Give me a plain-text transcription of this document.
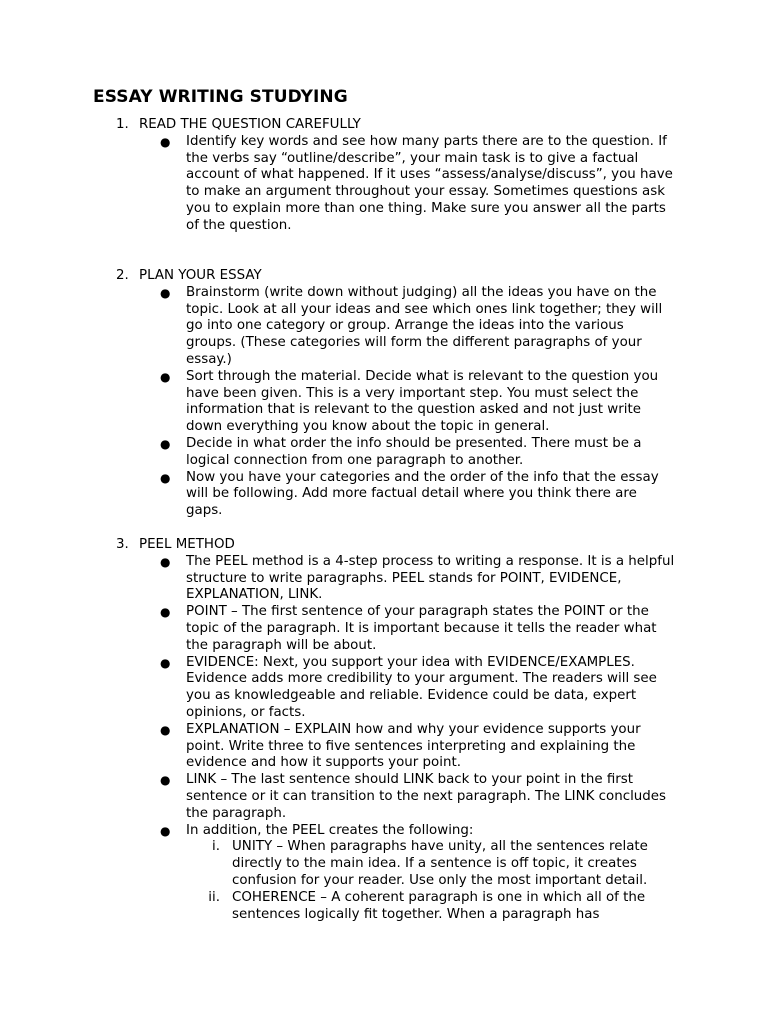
ESSAY WRITING STUDYING
1. READ THE QUESTION CAREFULLY
● Identify key words and see how many parts there are to the question. If the verbs say “outline/describe”, your main task is to give a factual account of what happened. If it uses “assess/analyse/discuss”, you have to make an argument throughout your essay. Sometimes questions ask you to explain more than one thing. Make sure you answer all the parts of the question.
2. PLAN YOUR ESSAY
● Brainstorm (write down without judging) all the ideas you have on the topic. Look at all your ideas and see which ones link together; they will go into one category or group. Arrange the ideas into the various groups. (These categories will form the different paragraphs of your essay.)
● Sort through the material. Decide what is relevant to the question you have been given. This is a very important step. You must select the information that is relevant to the question asked and not just write down everything you know about the topic in general.
● Decide in what order the info should be presented. There must be a logical connection from one paragraph to another.
● Now you have your categories and the order of the info that the essay will be following. Add more factual detail where you think there are gaps.
3. PEEL METHOD
● The PEEL method is a 4-step process to writing a response. It is a helpful structure to write paragraphs. PEEL stands for POINT, EVIDENCE, EXPLANATION, LINK.
● POINT – The first sentence of your paragraph states the POINT or the topic of the paragraph. It is important because it tells the reader what the paragraph will be about.
● EVIDENCE: Next, you support your idea with EVIDENCE/EXAMPLES. Evidence adds more credibility to your argument. The readers will see you as knowledgeable and reliable. Evidence could be data, expert opinions, or facts.
● EXPLANATION – EXPLAIN how and why your evidence supports your point. Write three to five sentences interpreting and explaining the evidence and how it supports your point.
● LINK – The last sentence should LINK back to your point in the first sentence or it can transition to the next paragraph. The LINK concludes the paragraph.
● In addition, the PEEL creates the following:
i. UNITY – When paragraphs have unity, all the sentences relate directly to the main idea. If a sentence is off topic, it creates confusion for your reader. Use only the most important detail.
ii. COHERENCE – A coherent paragraph is one in which all of the sentences logically fit together. When a paragraph has
